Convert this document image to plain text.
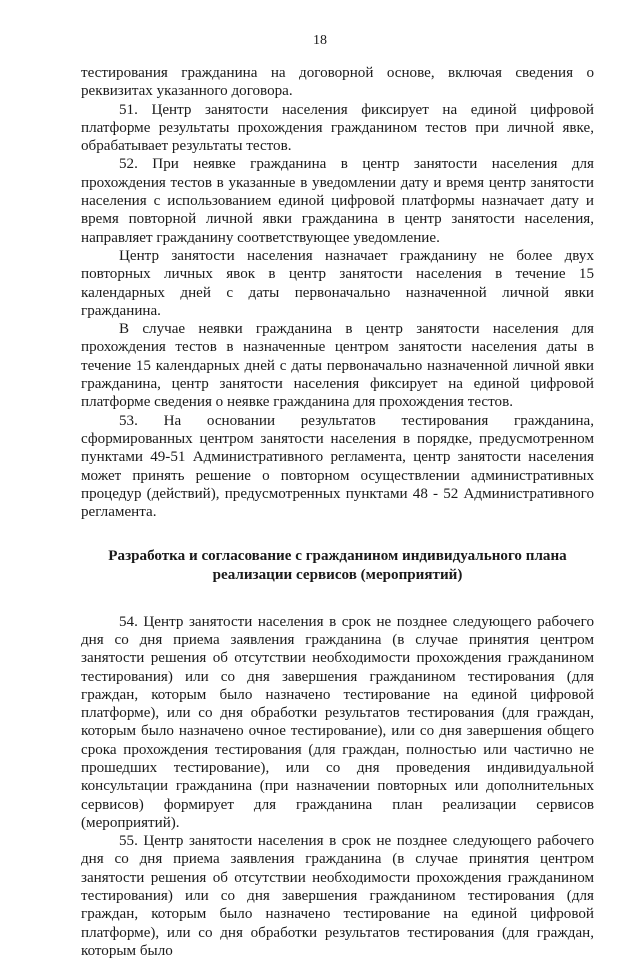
18

тестирования гражданина на договорной основе, включая сведения о реквизитах указанного договора.

51. Центр занятости населения фиксирует на единой цифровой платформе результаты прохождения гражданином тестов при личной явке, обрабатывает результаты тестов.

52. При неявке гражданина в центр занятости населения для прохождения тестов в указанные в уведомлении дату и время центр занятости населения с использованием единой цифровой платформы назначает дату и время повторной личной явки гражданина в центр занятости населения, направляет гражданину соответствующее уведомление.

Центр занятости населения назначает гражданину не более двух повторных личных явок в центр занятости населения в течение 15 календарных дней с даты первоначально назначенной личной явки гражданина.

В случае неявки гражданина в центр занятости населения для прохождения тестов в назначенные центром занятости населения даты в течение 15 календарных дней с даты первоначально назначенной личной явки гражданина, центр занятости населения фиксирует на единой цифровой платформе сведения о неявке гражданина для прохождения тестов.

53. На основании результатов тестирования гражданина, сформированных центром занятости населения в порядке, предусмотренном пунктами 49-51 Административного регламента, центр занятости населения может принять решение о повторном осуществлении административных процедур (действий), предусмотренных пунктами 48 - 52 Административного регламента.

Разработка и согласование с гражданином индивидуального плана реализации сервисов (мероприятий)

54. Центр занятости населения в срок не позднее следующего рабочего дня со дня приема заявления гражданина (в случае принятия центром занятости решения об отсутствии необходимости прохождения гражданином тестирования) или со дня завершения гражданином тестирования (для граждан, которым было назначено тестирование на единой цифровой платформе), или со дня обработки результатов тестирования (для граждан, которым было назначено очное тестирование), или со дня завершения общего срока прохождения тестирования (для граждан, полностью или частично не прошедших тестирование), или со дня проведения индивидуальной консультации гражданина (при назначении повторных или дополнительных сервисов) формирует для гражданина план реализации сервисов (мероприятий).

55. Центр занятости населения в срок не позднее следующего рабочего дня со дня приема заявления гражданина (в случае принятия центром занятости решения об отсутствии необходимости прохождения гражданином тестирования) или со дня завершения гражданином тестирования (для граждан, которым было назначено тестирование на единой цифровой платформе), или со дня обработки результатов тестирования (для граждан, которым было
